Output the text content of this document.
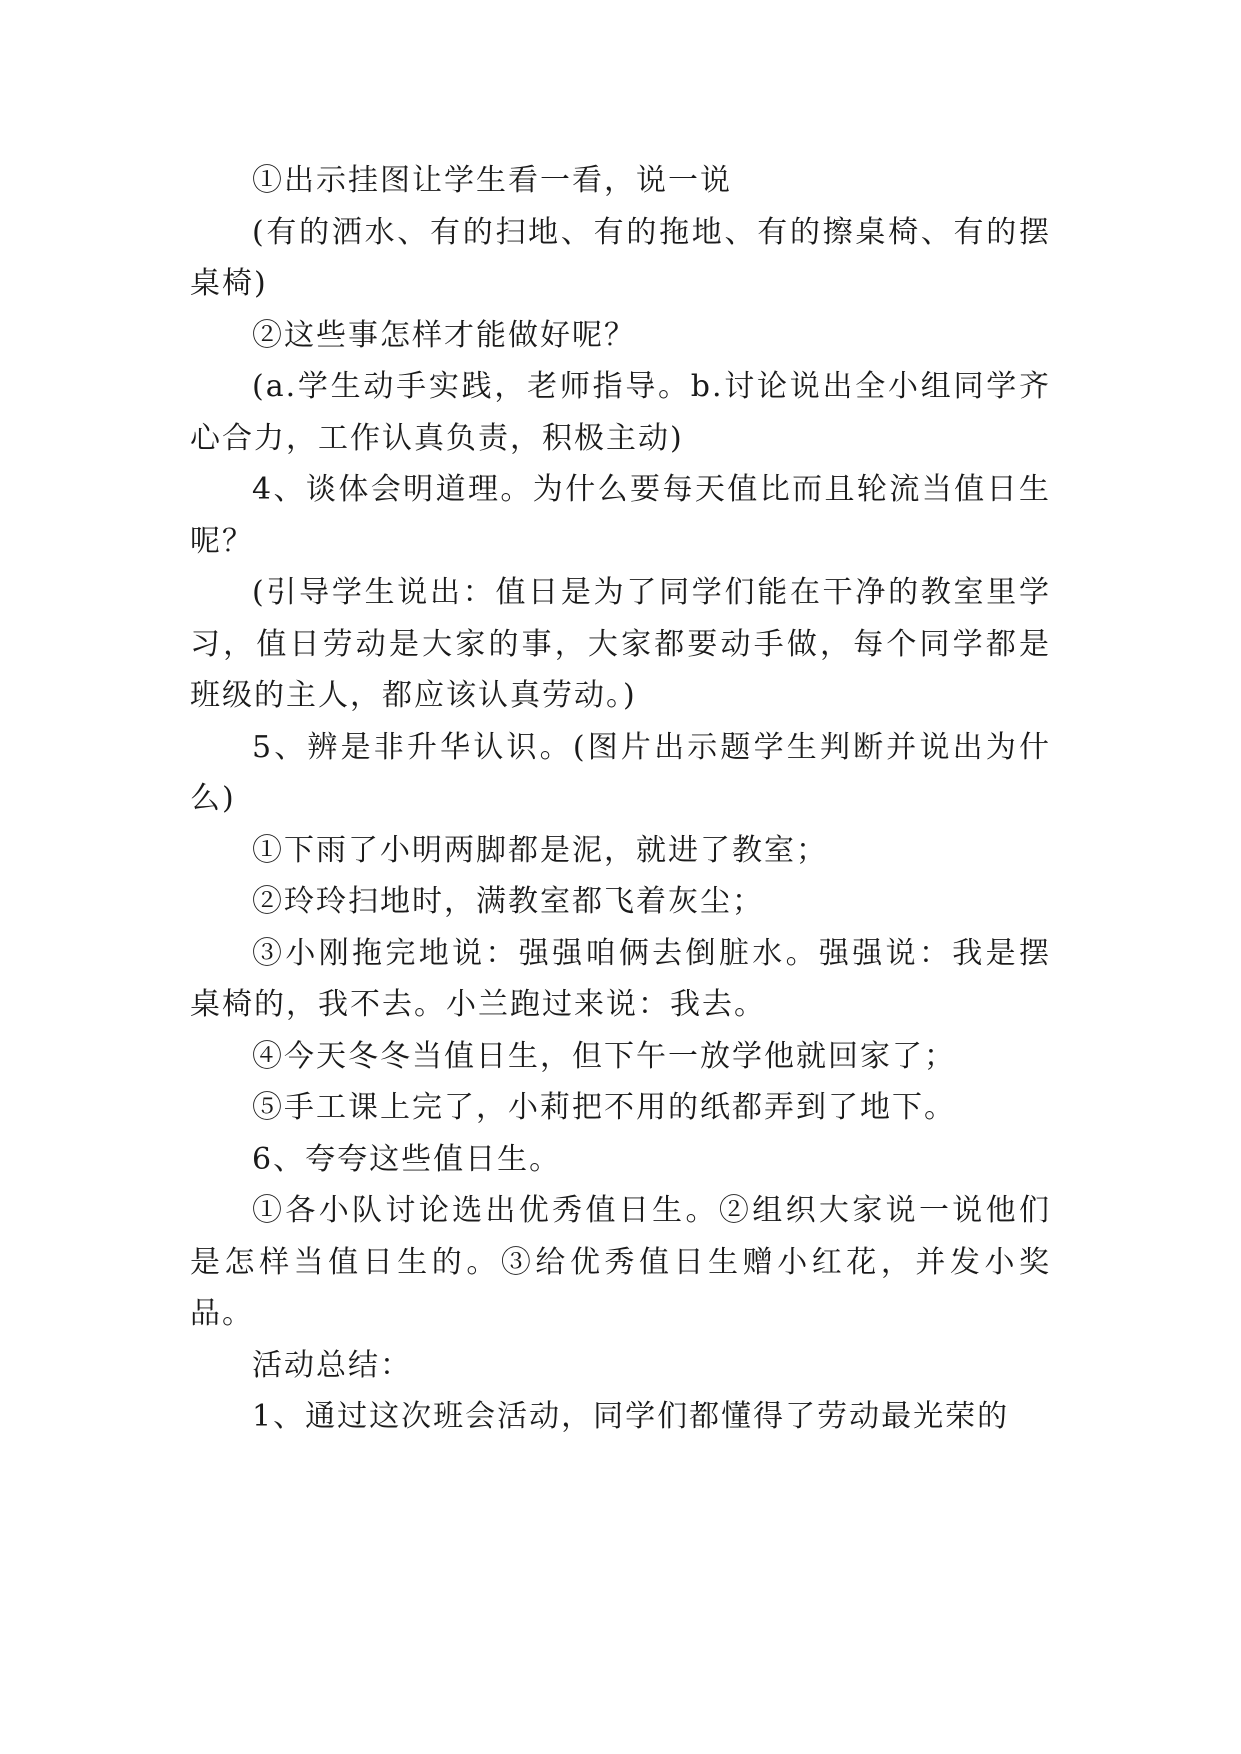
①出示挂图让学生看一看，说一说

(有的洒水、有的扫地、有的拖地、有的擦桌椅、有的摆桌椅)

②这些事怎样才能做好呢？

(a.学生动手实践，老师指导。b.讨论说出全小组同学齐心合力，工作认真负责，积极主动)

4、谈体会明道理。为什么要每天值比而且轮流当值日生呢？

(引导学生说出：值日是为了同学们能在干净的教室里学习，值日劳动是大家的事，大家都要动手做，每个同学都是班级的主人，都应该认真劳动。)

5、辨是非升华认识。(图片出示题学生判断并说出为什么)

①下雨了小明两脚都是泥，就进了教室；

②玲玲扫地时，满教室都飞着灰尘；

③小刚拖完地说：强强咱俩去倒脏水。强强说：我是摆桌椅的，我不去。小兰跑过来说：我去。

④今天冬冬当值日生，但下午一放学他就回家了；

⑤手工课上完了，小莉把不用的纸都弄到了地下。

6、夸夸这些值日生。

①各小队讨论选出优秀值日生。②组织大家说一说他们是怎样当值日生的。③给优秀值日生赠小红花，并发小奖品。

活动总结：

1、通过这次班会活动，同学们都懂得了劳动最光荣的
